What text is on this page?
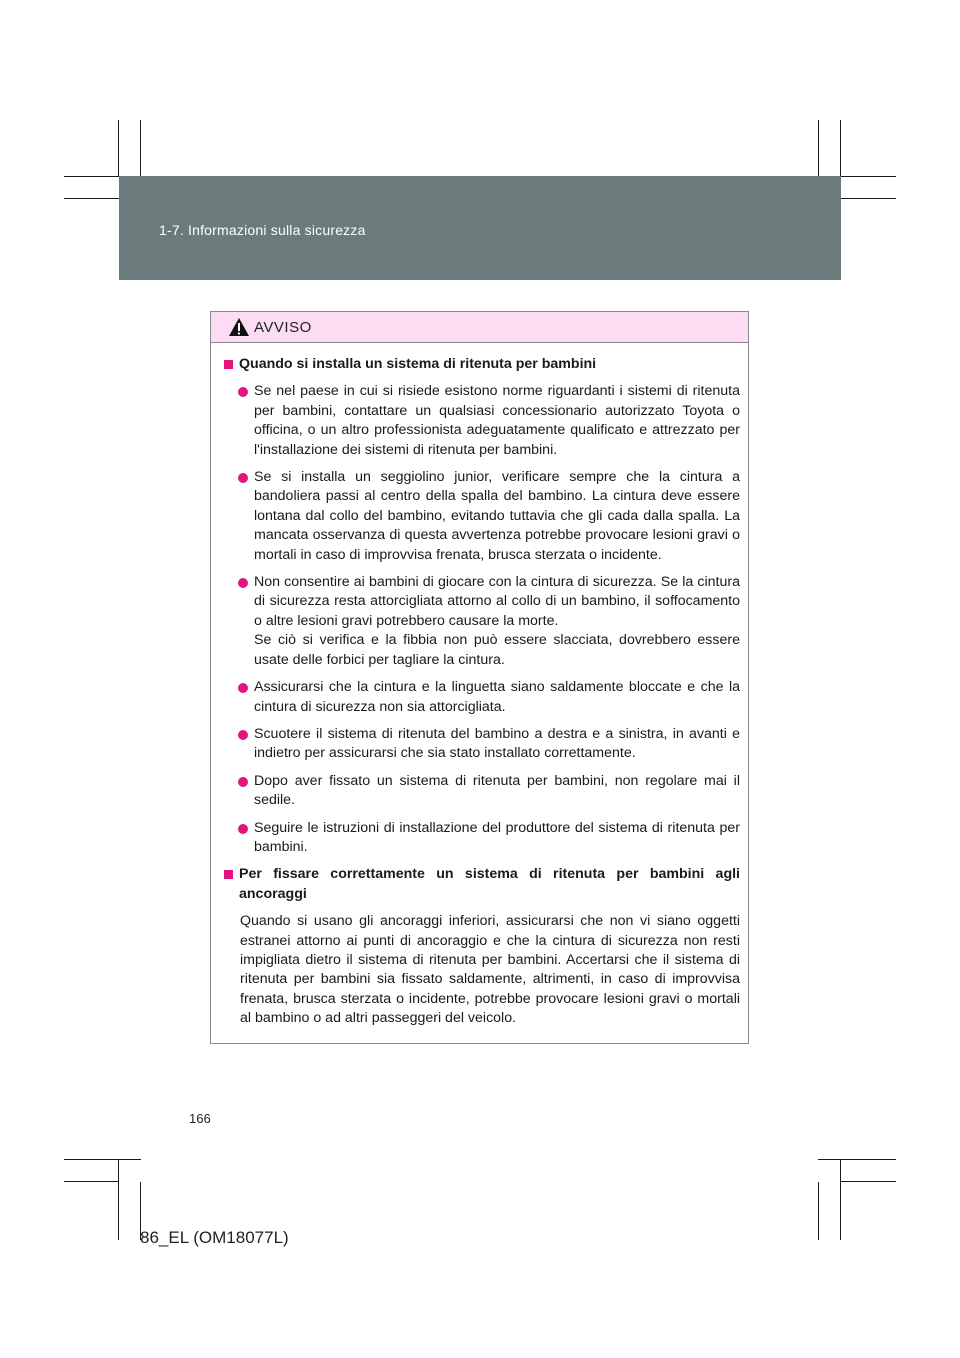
1-7. Informazioni sulla sicurezza
AVVISO
Quando si installa un sistema di ritenuta per bambini

Se nel paese in cui si risiede esistono norme riguardanti i sistemi di ritenuta per bambini, contattare un qualsiasi concessionario autorizzato Toyota o officina, o un altro professionista adeguatamente qualificato e attrezzato per l'installazione dei sistemi di ritenuta per bambini.

Se si installa un seggiolino junior, verificare sempre che la cintura a bandoliera passi al centro della spalla del bambino. La cintura deve essere lontana dal collo del bambino, evitando tuttavia che gli cada dalla spalla. La mancata osservanza di questa avvertenza potrebbe provocare lesioni gravi o mortali in caso di improvvisa frenata, brusca sterzata o incidente.

Non consentire ai bambini di giocare con la cintura di sicurezza. Se la cintura di sicurezza resta attorcigliata attorno al collo di un bambino, il soffocamento o altre lesioni gravi potrebbero causare la morte.

Se ciò si verifica e la fibbia non può essere slacciata, dovrebbero essere usate delle forbici per tagliare la cintura.

Assicurarsi che la cintura e la linguetta siano saldamente bloccate e che la cintura di sicurezza non sia attorcigliata.

Scuotere il sistema di ritenuta del bambino a destra e a sinistra, in avanti e indietro per assicurarsi che sia stato installato correttamente.

Dopo aver fissato un sistema di ritenuta per bambini, non regolare mai il sedile.

Seguire le istruzioni di installazione del produttore del sistema di ritenuta per bambini.

Per fissare correttamente un sistema di ritenuta per bambini agli ancoraggi
Quando si usano gli ancoraggi inferiori, assicurarsi che non vi siano oggetti estranei attorno ai punti di ancoraggio e che la cintura di sicurezza non resti impigliata dietro il sistema di ritenuta per bambini. Accertarsi che il sistema di ritenuta per bambini sia fissato saldamente, altrimenti, in caso di improvvisa frenata, brusca sterzata o incidente, potrebbe provocare lesioni gravi o mortali al bambino o ad altri passeggeri del veicolo.
166
86_EL (OM18077L)
